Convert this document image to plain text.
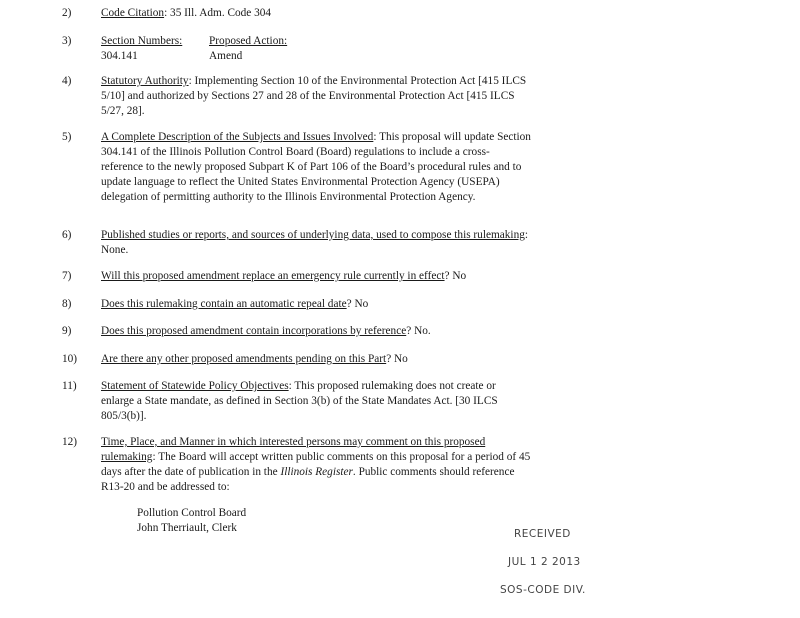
2)	Code Citation: 35 Ill. Adm. Code 304
3)	Section Numbers:
304.141
Proposed Action:
Amend
4)	Statutory Authority: Implementing Section 10 of the Environmental Protection Act [415 ILCS 5/10] and authorized by Sections 27 and 28 of the Environmental Protection Act [415 ILCS 5/27, 28].
5)	A Complete Description of the Subjects and Issues Involved: This proposal will update Section 304.141 of the Illinois Pollution Control Board (Board) regulations to include a cross-reference to the newly proposed Subpart K of Part 106 of the Board’s procedural rules and to update language to reflect the United States Environmental Protection Agency (USEPA) delegation of permitting authority to the Illinois Environmental Protection Agency.
6)	Published studies or reports, and sources of underlying data, used to compose this rulemaking: None.
7)	Will this proposed amendment replace an emergency rule currently in effect? No
8)	Does this rulemaking contain an automatic repeal date? No
9)	Does this proposed amendment contain incorporations by reference? No.
10)	Are there any other proposed amendments pending on this Part? No
11)	Statement of Statewide Policy Objectives: This proposed rulemaking does not create or enlarge a State mandate, as defined in Section 3(b) of the State Mandates Act. [30 ILCS 805/3(b)].
12)	Time, Place, and Manner in which interested persons may comment on this proposed rulemaking: The Board will accept written public comments on this proposal for a period of 45 days after the date of publication in the Illinois Register. Public comments should reference R13-20 and be addressed to:
Pollution Control Board
John Therriault, Clerk	RECEIVED
JUL 1 2 2013
SOS-CODE DIV.
